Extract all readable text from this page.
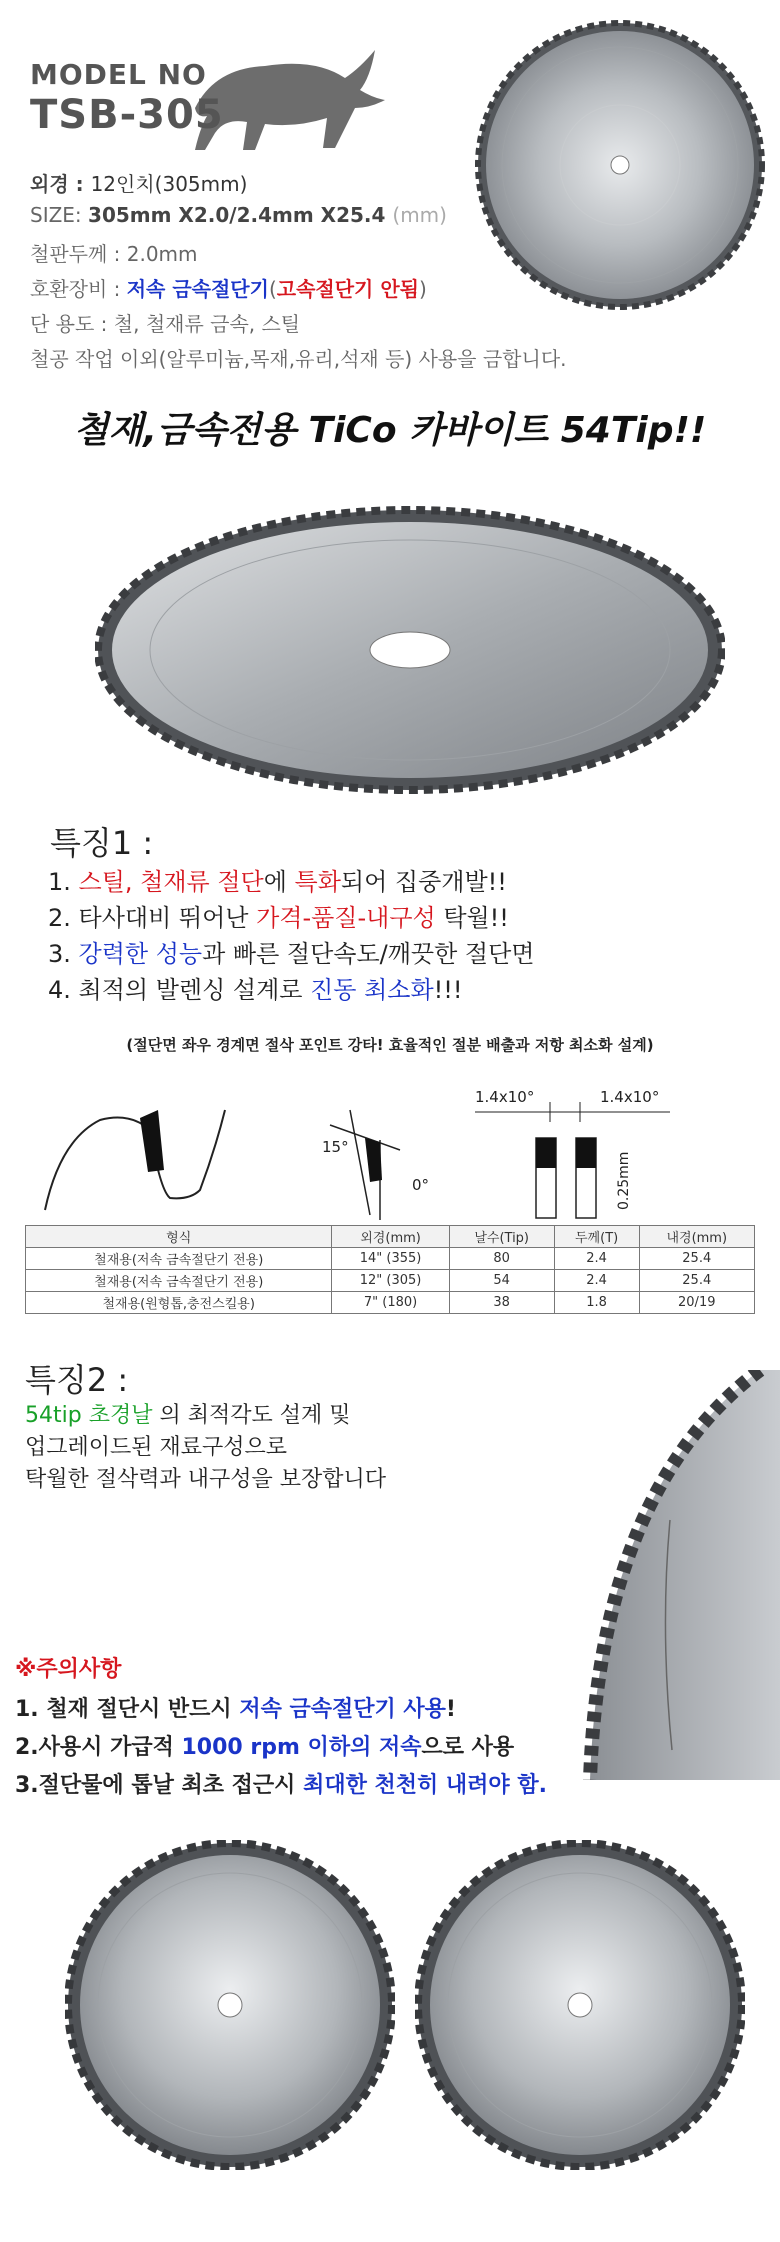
MODEL NO
TSB-305
외경 : 12인치(305mm)
SIZE: 305mm X2.0/2.4mm X25.4 (mm)
철판두께 : 2.0mm
호환장비 : 저속 금속절단기(고속절단기 안됨)
단 용도 : 철, 철재류 금속, 스틸
철공 작업 이외(알루미늄,목재,유리,석재 등) 사용을 금합니다.
철재,금속전용 TiCo 카바이트 54Tip!!
특징1 :
1. 스틸, 철재류 절단에 특화되어 집중개발!!
2. 타사대비 뛰어난 가격-품질-내구성 탁월!!
3. 강력한 성능과 빠른 절단속도/깨끗한 절단면
4. 최적의 발렌싱 설계로 진동 최소화!!!
(절단면 좌우 경계면 절삭 포인트 강타! 효율적인 절분 배출과 저항 최소화 설계)
15°
0°
1.4x10°	1.4x10°
0.25mm
형식	외경(mm)	날수(Tip)	두께(T)	내경(mm)
철재용(저속 금속절단기 전용)	14" (355)	80	2.4	25.4
철재용(저속 금속절단기 전용)	12" (305)	54	2.4	25.4
철재용(원형톱,충전스킬용)	7" (180)	38	1.8	20/19
특징2 :
54tip 초경날 의 최적각도 설계 및
업그레이드된 재료구성으로
탁월한 절삭력과 내구성을 보장합니다
※주의사항
1. 철재 절단시 반드시 저속 금속절단기 사용!
2.사용시 가급적 1000 rpm 이하의 저속으로 사용
3.절단물에 톱날 최초 접근시 최대한 천천히 내려야 함.
